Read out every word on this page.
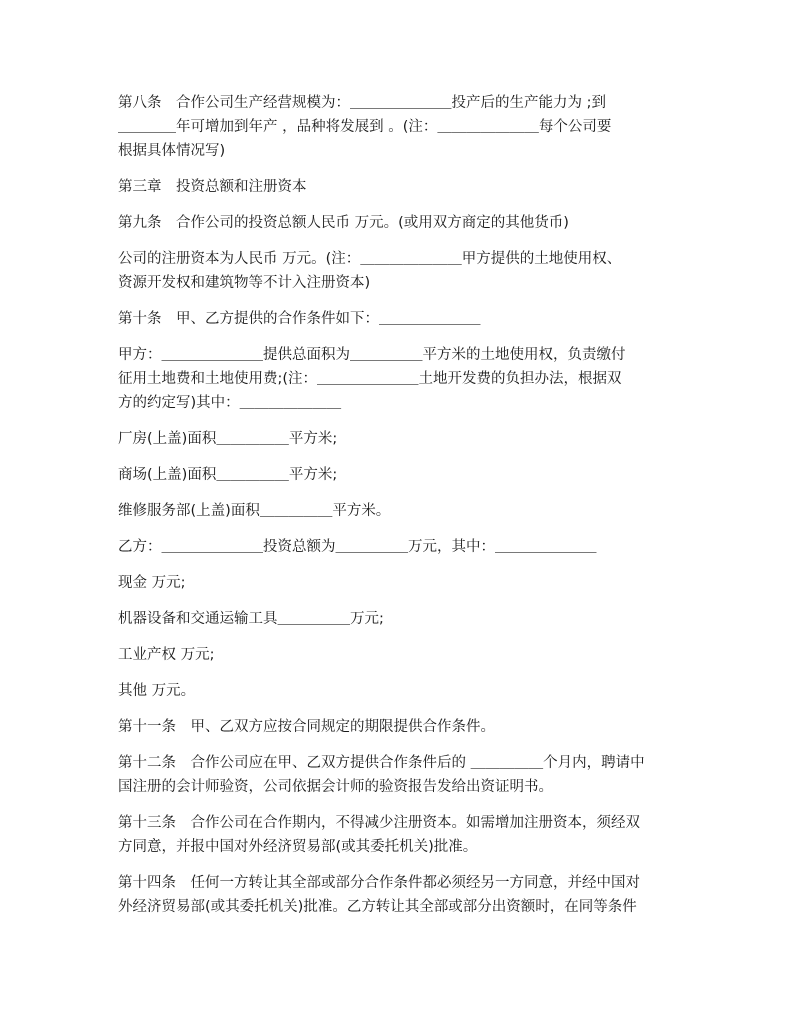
第八条　合作公司生产经营规模为：＿＿＿＿＿＿＿投产后的生产能力为 ;到
＿＿＿＿年可增加到年产 ，品种将发展到 。(注：＿＿＿＿＿＿＿每个公司要
根据具体情况写)
第三章　投资总额和注册资本
第九条　合作公司的投资总额人民币 万元。(或用双方商定的其他货币)
公司的注册资本为人民币 万元。(注：＿＿＿＿＿＿＿甲方提供的土地使用权、
资源开发权和建筑物等不计入注册资本)
第十条　甲、乙方提供的合作条件如下：＿＿＿＿＿＿＿
甲方：＿＿＿＿＿＿＿提供总面积为＿＿＿＿＿平方米的土地使用权，负责缴付
征用土地费和土地使用费;(注：＿＿＿＿＿＿＿土地开发费的负担办法，根据双
方的约定写)其中：＿＿＿＿＿＿＿
厂房(上盖)面积＿＿＿＿＿平方米;
商场(上盖)面积＿＿＿＿＿平方米;
维修服务部(上盖)面积＿＿＿＿＿平方米。
乙方：＿＿＿＿＿＿＿投资总额为＿＿＿＿＿万元，其中：＿＿＿＿＿＿＿
现金 万元;
机器设备和交通运输工具＿＿＿＿＿万元;
工业产权 万元;
其他 万元。
第十一条　甲、乙双方应按合同规定的期限提供合作条件。
第十二条　合作公司应在甲、乙双方提供合作条件后的 ＿＿＿＿＿个月内，聘请中
国注册的会计师验资，公司依据会计师的验资报告发给出资证明书。
第十三条　合作公司在合作期内，不得减少注册资本。如需增加注册资本，须经双
方同意，并报中国对外经济贸易部(或其委托机关)批准。
第十四条　任何一方转让其全部或部分合作条件都必须经另一方同意，并经中国对
外经济贸易部(或其委托机关)批准。乙方转让其全部或部分出资额时，在同等条件
